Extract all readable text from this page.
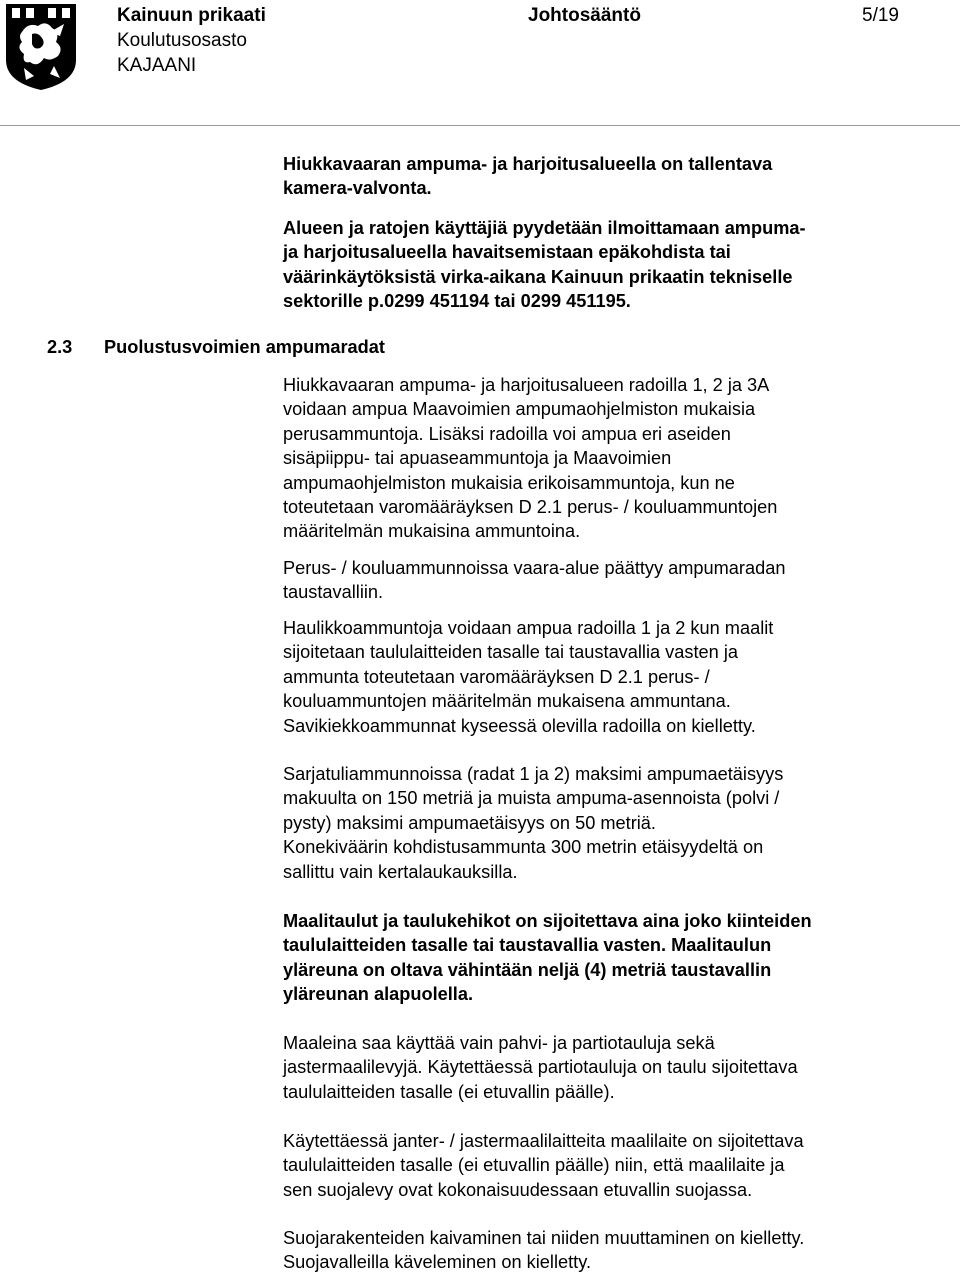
Kainuun prikaati
Koulutusosasto
KAJAANI
Johtosääntö	5/19
2.3 Puolustusvoimien ampumaradat

Hiukkavaaran ampuma- ja harjoitusalueella on tallentava
kamera-valvonta.

Alueen ja ratojen käyttäjiä pyydetään ilmoittamaan ampuma-
ja harjoitusalueella havaitsemistaan epäkohdista tai
väärinkäytöksistä virka-aikana Kainuun prikaatin tekniselle
sektorille p.0299 451194 tai 0299 451195.

Hiukkavaaran ampuma- ja harjoitusalueen radoilla 1, 2 ja 3A
voidaan ampua Maavoimien ampumaohjelmiston mukaisia
perusammuntoja. Lisäksi radoilla voi ampua eri aseiden
sisäpiippu- tai apuaseammuntoja ja Maavoimien
ampumaohjelmiston mukaisia erikoisammuntoja, kun ne
toteutetaan varomääräyksen D 2.1 perus- / kouluammuntojen
määritelmän mukaisina ammuntoina.

Perus- / kouluammunnoissa vaara-alue päättyy ampumaradan
taustavalliin.

Haulikkoammuntoja voidaan ampua radoilla 1 ja 2 kun maalit
sijoitetaan taululaitteiden tasalle tai taustavallia vasten ja
ammunta toteutetaan varomääräyksen D 2.1 perus- /
kouluammuntojen määritelmän mukaisena ammuntana.
Savikiekkoammunnat kyseessä olevilla radoilla on kielletty.

Sarjatuliammunnoissa (radat 1 ja 2) maksimi ampumaetäisyys
makuulta on 150 metriä ja muista ampuma-asennoista (polvi /
pysty) maksimi ampumaetäisyys on 50 metriä.
Konekiväärin kohdistusammunta 300 metrin etäisyydeltä on
sallittu vain kertalaukauksilla.

Maalitaulut ja taulukehikot on sijoitettava aina joko kiinteiden
taululaitteiden tasalle tai taustavallia vasten. Maalitaulun
yläreuna on oltava vähintään neljä (4) metriä taustavallin
yläreunan alapuolella.

Maaleina saa käyttää vain pahvi- ja partiotauluja sekä
jastermaalilevyjä. Käytettäessä partiotauluja on taulu sijoitettava
taululaitteiden tasalle (ei etuvallin päälle).

Käytettäessä janter- / jastermaalilaitteita maalilaite on sijoitettava
taululaitteiden tasalle (ei etuvallin päälle) niin, että maalilaite ja
sen suojalevy ovat kokonaisuudessaan etuvallin suojassa.

Suojarakenteiden kaivaminen tai niiden muuttaminen on kielletty.
Suojavalleilla käveleminen on kielletty.
